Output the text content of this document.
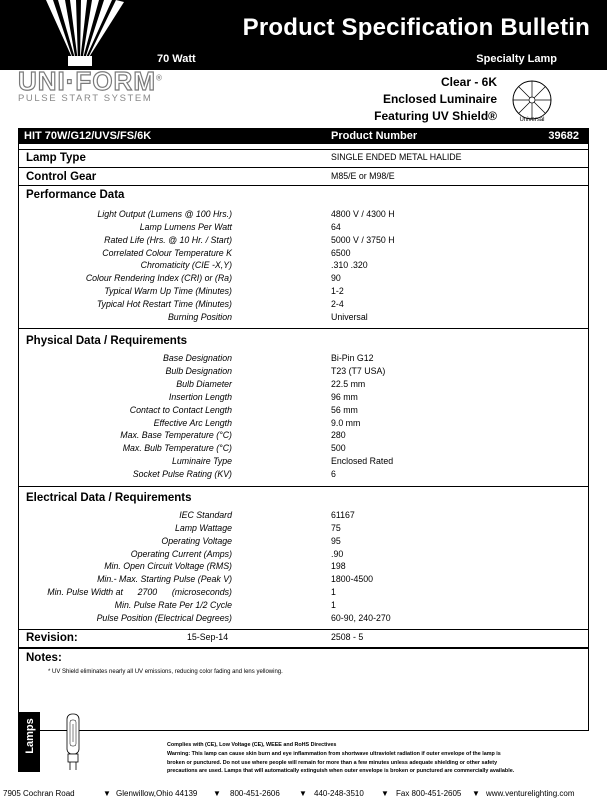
Product Specification Bulletin
70 Watt	Specialty Lamp
UNI·FORM®
PULSE START SYSTEM
Clear - 6K
Enclosed Luminaire
Featuring UV Shield®	Universal
HIT 70W/G12/UVS/FS/6K	Product Number	39682
Lamp Type	SINGLE ENDED METAL HALIDE
Control Gear	M85/E or M98/E
Performance Data
Light Output (Lumens @ 100 Hrs.)	4800 V / 4300 H
Lamp Lumens Per Watt	64
Rated Life (Hrs. @ 10 Hr. / Start)	5000 V / 3750 H
Correlated Colour Temperature K	6500
Chromaticity (CIE -X,Y)	.310 .320
Colour Rendering Index (CRI) or (Ra)	90
Typical Warm Up Time (Minutes)	1-2
Typical Hot Restart Time (Minutes)	2-4
Burning Position	Universal
Physical Data / Requirements
Base Designation	Bi-Pin G12
Bulb Designation	T23 (T7 USA)
Bulb Diameter	22.5 mm
Insertion Length	96 mm
Contact to Contact Length	56 mm
Effective Arc Length	9.0 mm
Max. Base Temperature (°C)	280
Max. Bulb Temperature (°C)	500
Luminaire Type	Enclosed Rated
Socket Pulse Rating (KV)	6
Electrical Data / Requirements
IEC Standard	61167
Lamp Wattage	75
Operating Voltage	95
Operating Current (Amps)	.90
Min. Open Circuit Voltage (RMS)	198
Min.- Max. Starting Pulse (Peak V)	1800-4500
Min. Pulse Width at      2700      (microseconds)	1
Min. Pulse Rate Per 1/2 Cycle	1
Pulse Position (Electrical Degrees)	60-90, 240-270
Revision:	15-Sep-14	2508 - 5
Notes:
* UV Shield eliminates nearly all UV emissions, reducing color fading and lens yellowing.
Lamps	Complies with (CE), Low Voltage (CE), WEEE and RoHS Directives
Warning: This lamp can cause skin burn and eye inflammation from shortwave ultraviolet radiation if outer envelope of the lamp is
broken or punctured. Do not use where people will remain for more than a few minutes unless adequate shielding or other safety
precautions are used. Lamps that will automatically extinguish when outer envelope is broken or punctured are commercially available.
7905 Cochran Road	▼ Glenwillow,Ohio 44139 ▼ 800-451-2606 ▼ 440-248-3510 ▼ Fax 800-451-2605 ▼ www.venturelighting.com
